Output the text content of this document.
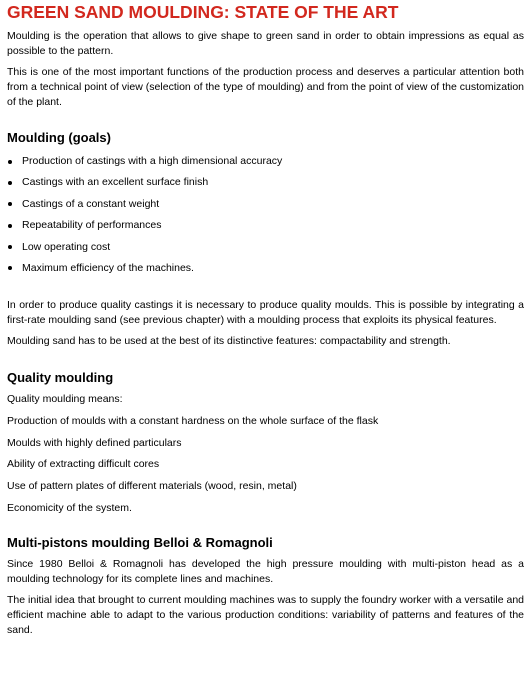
GREEN SAND MOULDING: STATE OF THE ART

Moulding is the operation that allows to give shape to green sand in order to obtain impressions as equal as possible to the pattern.

This is one of the most important functions of the production process and deserves a particular attention both from a technical point of view (selection of the type of moulding) and from the point of view of the customization of the plant.

Moulding (goals)
Production of castings with a high dimensional accuracy
Castings with an excellent surface finish
Castings of a constant weight
Repeatability of performances
Low operating cost
Maximum efficiency of the machines.

In order to produce quality castings it is necessary to produce quality moulds. This is possible by integrating a first-rate moulding sand (see previous chapter) with a moulding process that exploits its physical features.

Moulding sand has to be used at the best of its distinctive features: compactability and strength.

Quality moulding

Quality moulding means:

Production of moulds with a constant hardness on the whole surface of the flask

Moulds with highly defined particulars

Ability of extracting difficult cores

Use of pattern plates of different materials (wood, resin, metal)

Economicity of the system.

Multi-pistons moulding Belloi & Romagnoli

Since 1980 Belloi & Romagnoli has developed the high pressure moulding with multi-piston head as a moulding technology for its complete lines and machines.

The initial idea that brought to current moulding machines was to supply the foundry worker with a versatile and efficient machine able to adapt to the various production conditions: variability of patterns and features of the sand.
